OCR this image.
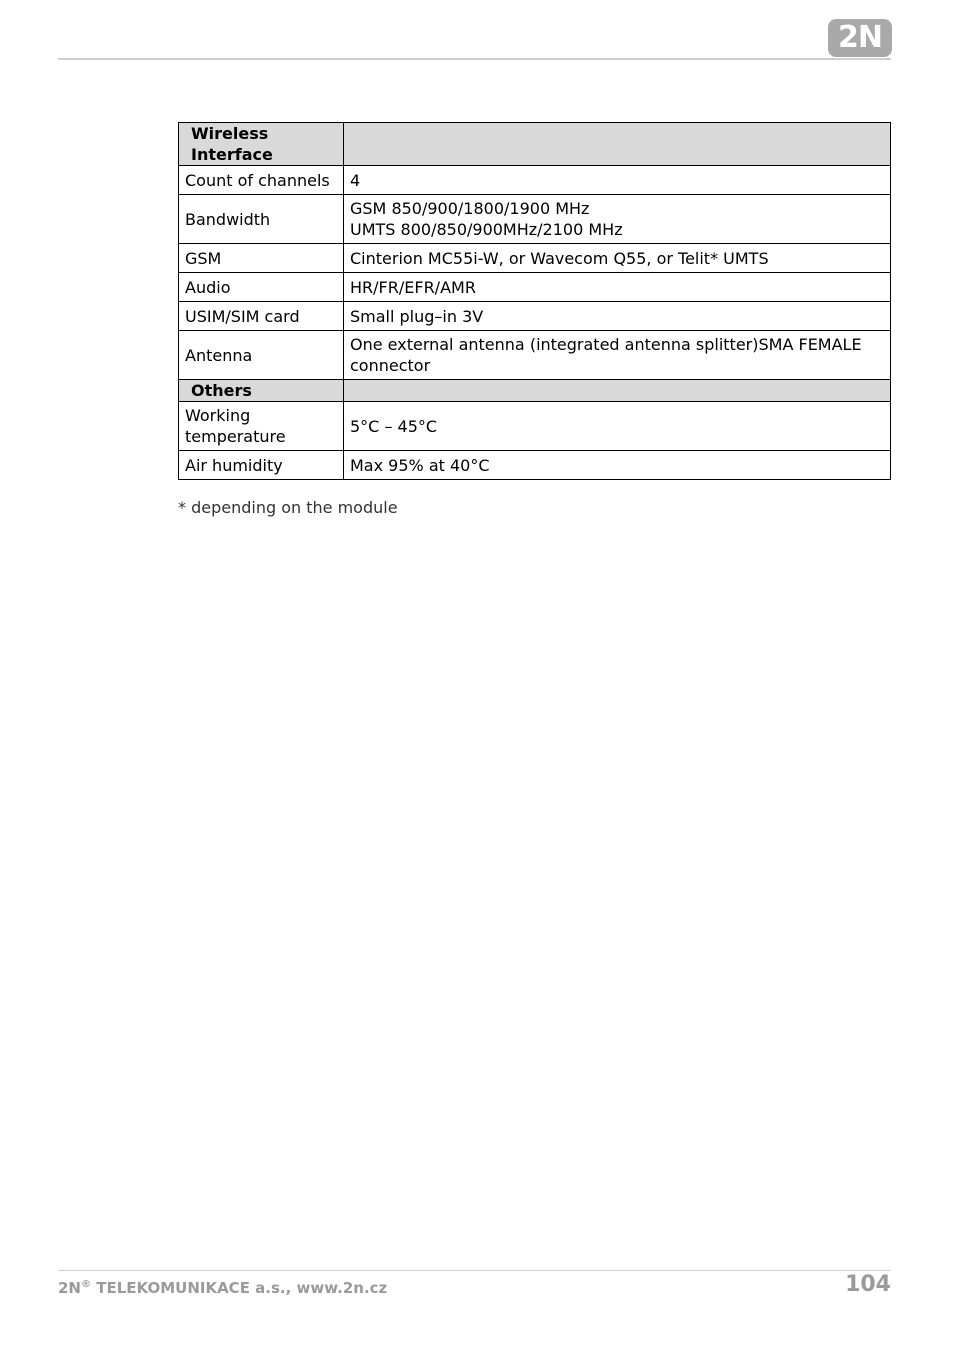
2N
Wireless
Interface	

Count of channels	4

Bandwidth	GSM 850/900/1800/1900 MHz
UMTS 800/850/900MHz/2100 MHz

GSM	Cinterion MC55i-W, or Wavecom Q55, or Telit* UMTS

Audio	HR/FR/EFR/AMR

USIM/SIM card	Small plug–in 3V

Antenna	One external antenna (integrated antenna splitter)SMA FEMALE connector

Others	
Working temperature	5°C – 45°C

Air humidity	Max 95% at 40°C
* depending on the module
2N® TELEKOMUNIKACE a.s., www.2n.cz	104
